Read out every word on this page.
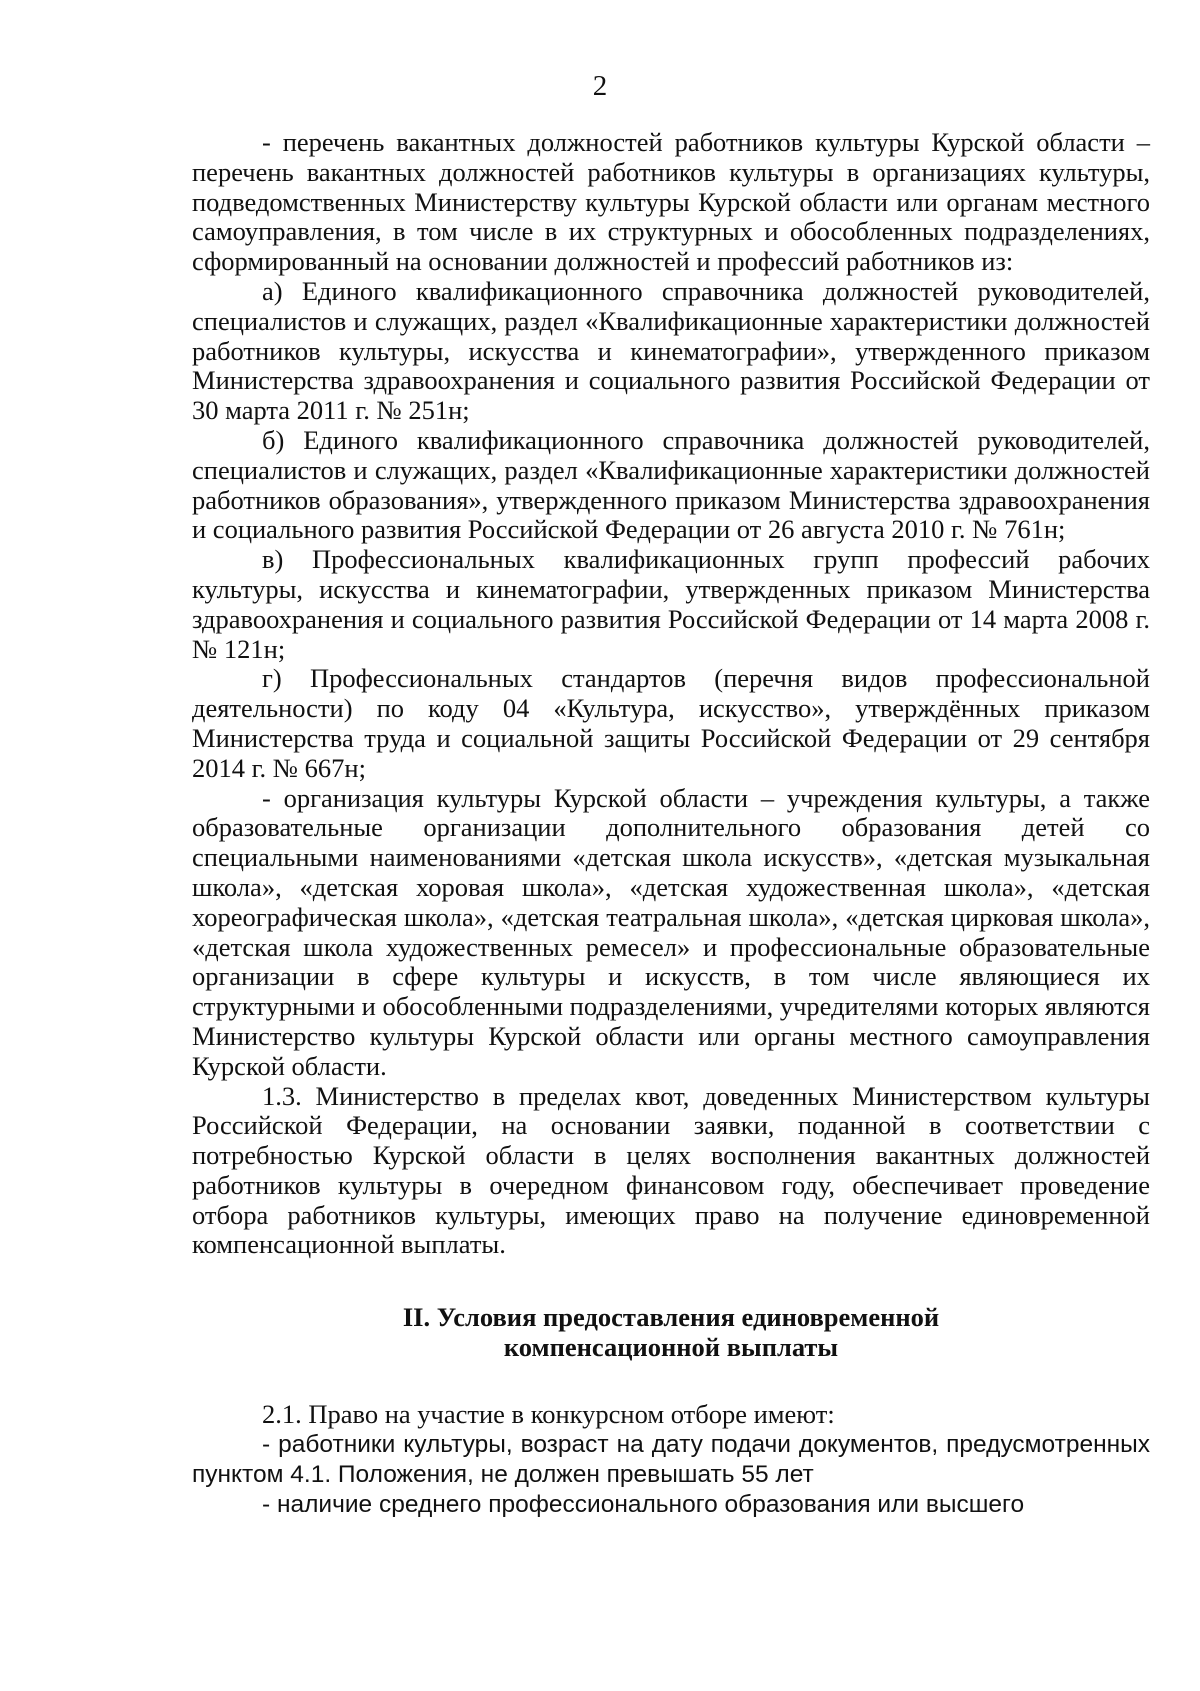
2

- перечень вакантных должностей работников культуры Курской области – перечень вакантных должностей работников культуры в организациях культуры, подведомственных Министерству культуры Курской области или органам местного самоуправления, в том числе в их структурных и обособленных подразделениях, сформированный на основании должностей и профессий работников из:

а) Единого квалификационного справочника должностей руководителей, специалистов и служащих, раздел «Квалификационные характеристики должностей работников культуры, искусства и кинематографии», утвержденного приказом Министерства здравоохранения и социального развития Российской Федерации от 30 марта 2011 г. № 251н;

б) Единого квалификационного справочника должностей руководителей, специалистов и служащих, раздел «Квалификационные характеристики должностей работников образования», утвержденного приказом Министерства здравоохранения и социального развития Российской Федерации от 26 августа 2010 г. № 761н;

в) Профессиональных квалификационных групп профессий рабочих культуры, искусства и кинематографии, утвержденных приказом Министерства здравоохранения и социального развития Российской Федерации от 14 марта 2008 г. № 121н;

г) Профессиональных стандартов (перечня видов профессиональной деятельности) по коду 04 «Культура, искусство», утверждённых приказом Министерства труда и социальной защиты Российской Федерации от 29 сентября 2014 г. № 667н;

- организация культуры Курской области – учреждения культуры, а также образовательные организации дополнительного образования детей со специальными наименованиями «детская школа искусств», «детская музыкальная школа», «детская хоровая школа», «детская художественная школа», «детская хореографическая школа», «детская театральная школа», «детская цирковая школа», «детская школа художественных ремесел» и профессиональные образовательные организации в сфере культуры и искусств, в том числе являющиеся их структурными и обособленными подразделениями, учредителями которых являются Министерство культуры Курской области или органы местного самоуправления Курской области.

1.3. Министерство в пределах квот, доведенных Министерством культуры Российской Федерации, на основании заявки, поданной в соответствии с потребностью Курской области в целях восполнения вакантных должностей работников культуры в очередном финансовом году, обеспечивает проведение отбора работников культуры, имеющих право на получение единовременной компенсационной выплаты.

II. Условия предоставления единовременной
компенсационной выплаты

2.1. Право на участие в конкурсном отборе имеют:

- работники культуры, возраст на дату подачи документов, предусмотренных пунктом 4.1. Положения, не должен превышать 55 лет

- наличие среднего профессионального образования или высшего
